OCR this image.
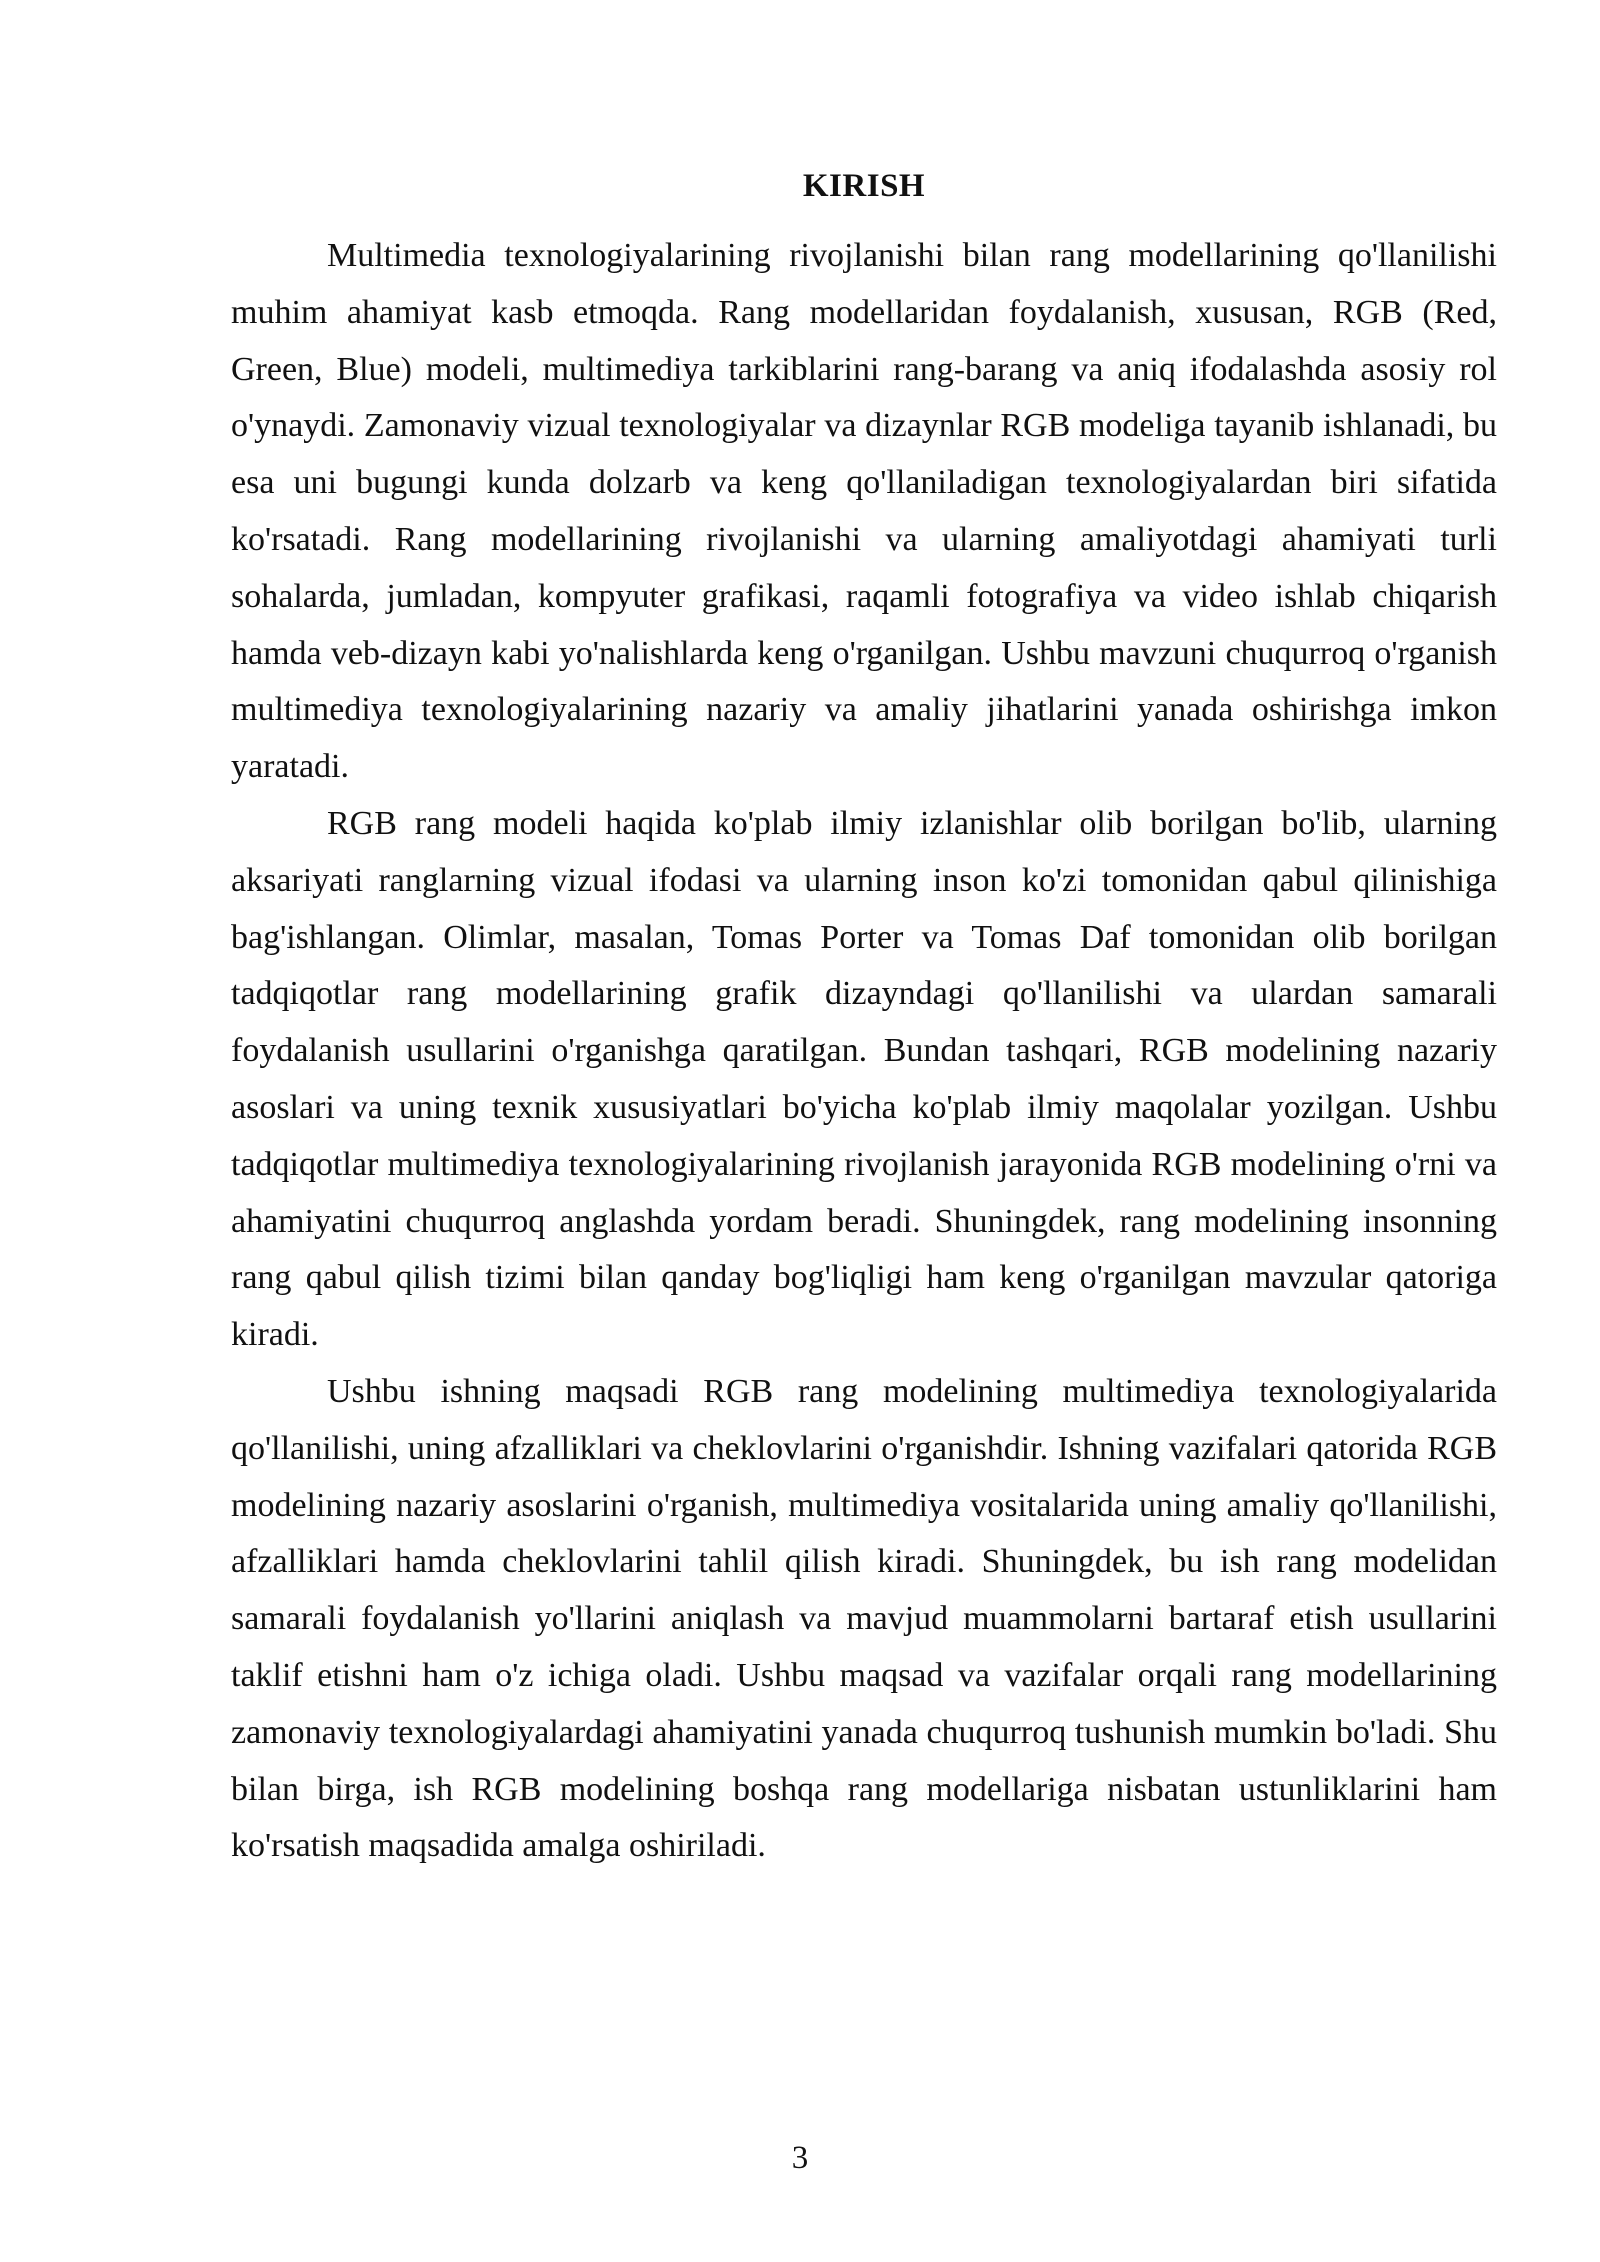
KIRISH

Multimedia texnologiyalarining rivojlanishi bilan rang modellarining qo'llanilishi muhim ahamiyat kasb etmoqda. Rang modellaridan foydalanish, xususan, RGB (Red, Green, Blue) modeli, multimediya tarkiblarini rang-barang va aniq ifodalashda asosiy rol o'ynaydi. Zamonaviy vizual texnologiyalar va dizaynlar RGB modeliga tayanib ishlanadi, bu esa uni bugungi kunda dolzarb va keng qo'llaniladigan texnologiyalardan biri sifatida ko'rsatadi. Rang modellarining rivojlanishi va ularning amaliyotdagi ahamiyati turli sohalarda, jumladan, kompyuter grafikasi, raqamli fotografiya va video ishlab chiqarish hamda veb-dizayn kabi yo'nalishlarda keng o'rganilgan. Ushbu mavzuni chuqurroq o'rganish multimediya texnologiyalarining nazariy va amaliy jihatlarini yanada oshirishga imkon yaratadi.

RGB rang modeli haqida ko'plab ilmiy izlanishlar olib borilgan bo'lib, ularning aksariyati ranglarning vizual ifodasi va ularning inson ko'zi tomonidan qabul qilinishiga bag'ishlangan. Olimlar, masalan, Tomas Porter va Tomas Daf tomonidan olib borilgan tadqiqotlar rang modellarining grafik dizayndagi qo'llanilishi va ulardan samarali foydalanish usullarini o'rganishga qaratilgan. Bundan tashqari, RGB modelining nazariy asoslari va uning texnik xususiyatlari bo'yicha ko'plab ilmiy maqolalar yozilgan. Ushbu tadqiqotlar multimediya texnologiyalarining rivojlanish jarayonida RGB modelining o'rni va ahamiyatini chuqurroq anglashda yordam beradi. Shuningdek, rang modelining insonning rang qabul qilish tizimi bilan qanday bog'liqligi ham keng o'rganilgan mavzular qatoriga kiradi.

Ushbu ishning maqsadi RGB rang modelining multimediya texnologiyalarida qo'llanilishi, uning afzalliklari va cheklovlarini o'rganishdir. Ishning vazifalari qatorida RGB modelining nazariy asoslarini o'rganish, multimediya vositalarida uning amaliy qo'llanilishi, afzalliklari hamda cheklovlarini tahlil qilish kiradi. Shuningdek, bu ish rang modelidan samarali foydalanish yo'llarini aniqlash va mavjud muammolarni bartaraf etish usullarini taklif etishni ham o'z ichiga oladi. Ushbu maqsad va vazifalar orqali rang modellarining zamonaviy texnologiyalardagi ahamiyatini yanada chuqurroq tushunish mumkin bo'ladi. Shu bilan birga, ish RGB modelining boshqa rang modellariga nisbatan ustunliklarini ham ko'rsatish maqsadida amalga oshiriladi.

3
